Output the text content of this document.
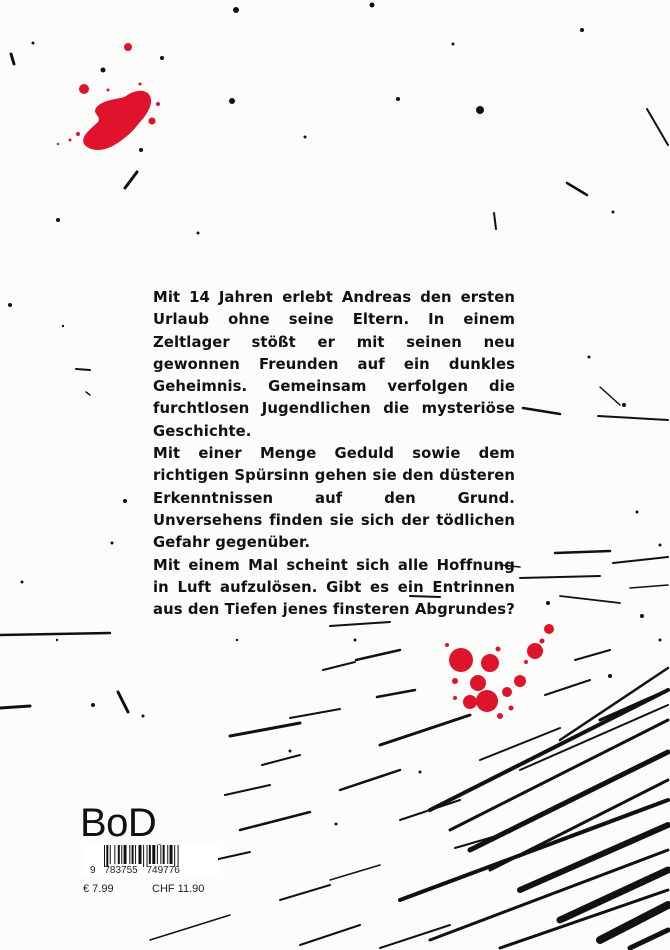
Mit 14 Jahren erlebt Andreas den ersten Urlaub ohne seine Eltern. In einem Zeltlager stößt er mit seinen neu gewonnen Freunden auf ein dunkles Geheimnis. Gemeinsam verfolgen die furchtlosen Jugendlichen die mysteriöse Geschichte.

Mit einer Menge Geduld sowie dem richtigen Spürsinn gehen sie den düsteren Erkenntnissen auf den Grund. Unversehens finden sie sich der tödlichen Gefahr gegenüber.

Mit einem Mal scheint sich alle Hoffnung in Luft aufzulösen. Gibt es ein Entrinnen aus den Tiefen jenes finsteren Abgrundes?

BoD
9 783755 749776
€ 7.99	CHF 11.90
